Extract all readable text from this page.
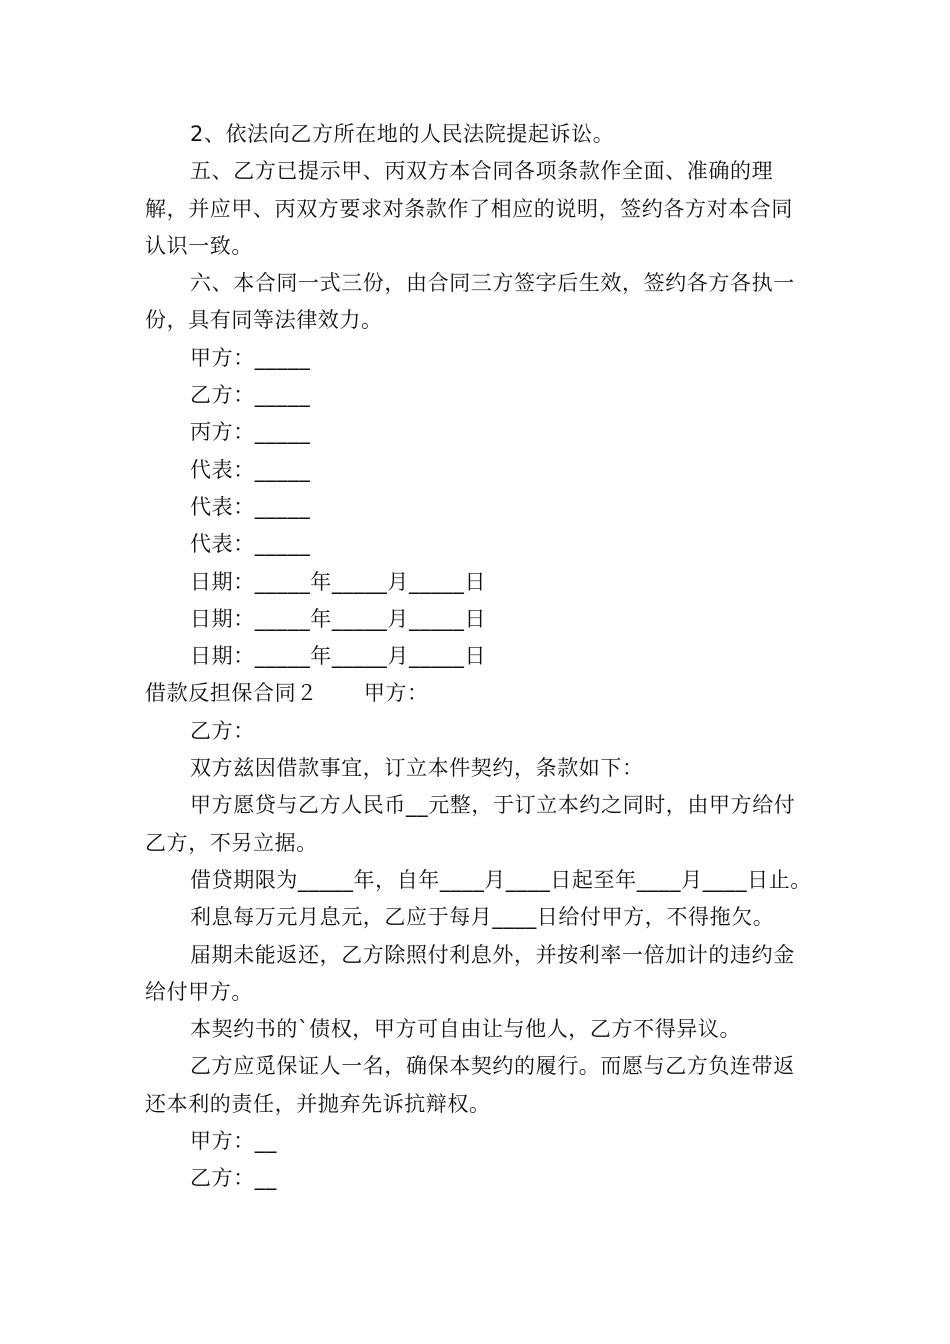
2、依法向乙方所在地的人民法院提起诉讼。

五、乙方已提示甲、丙双方本合同各项条款作全面、准确的理解，并应甲、丙双方要求对条款作了相应的说明，签约各方对本合同认识一致。

六、本合同一式三份，由合同三方签字后生效，签约各方各执一份，具有同等法律效力。

甲方：_____

乙方：_____

丙方：_____

代表：_____

代表：_____

代表：_____

日期：_____年_____月_____日

日期：_____年_____月_____日

日期：_____年_____月_____日

借款反担保合同２ 甲方：

乙方：

双方兹因借款事宜，订立本件契约，条款如下：

甲方愿贷与乙方人民币__元整，于订立本约之同时，由甲方给付乙方，不另立据。

借贷期限为_____年，自年____月____日起至年____月____日止。

利息每万元月息元，乙应于每月____日给付甲方，不得拖欠。

届期未能返还，乙方除照付利息外，并按利率一倍加计的违约金给付甲方。

本契约书的`债权，甲方可自由让与他人，乙方不得异议。

乙方应觅保证人一名，确保本契约的履行。而愿与乙方负连带返还本利的责任，并抛弃先诉抗辩权。

甲方：__

乙方：__
